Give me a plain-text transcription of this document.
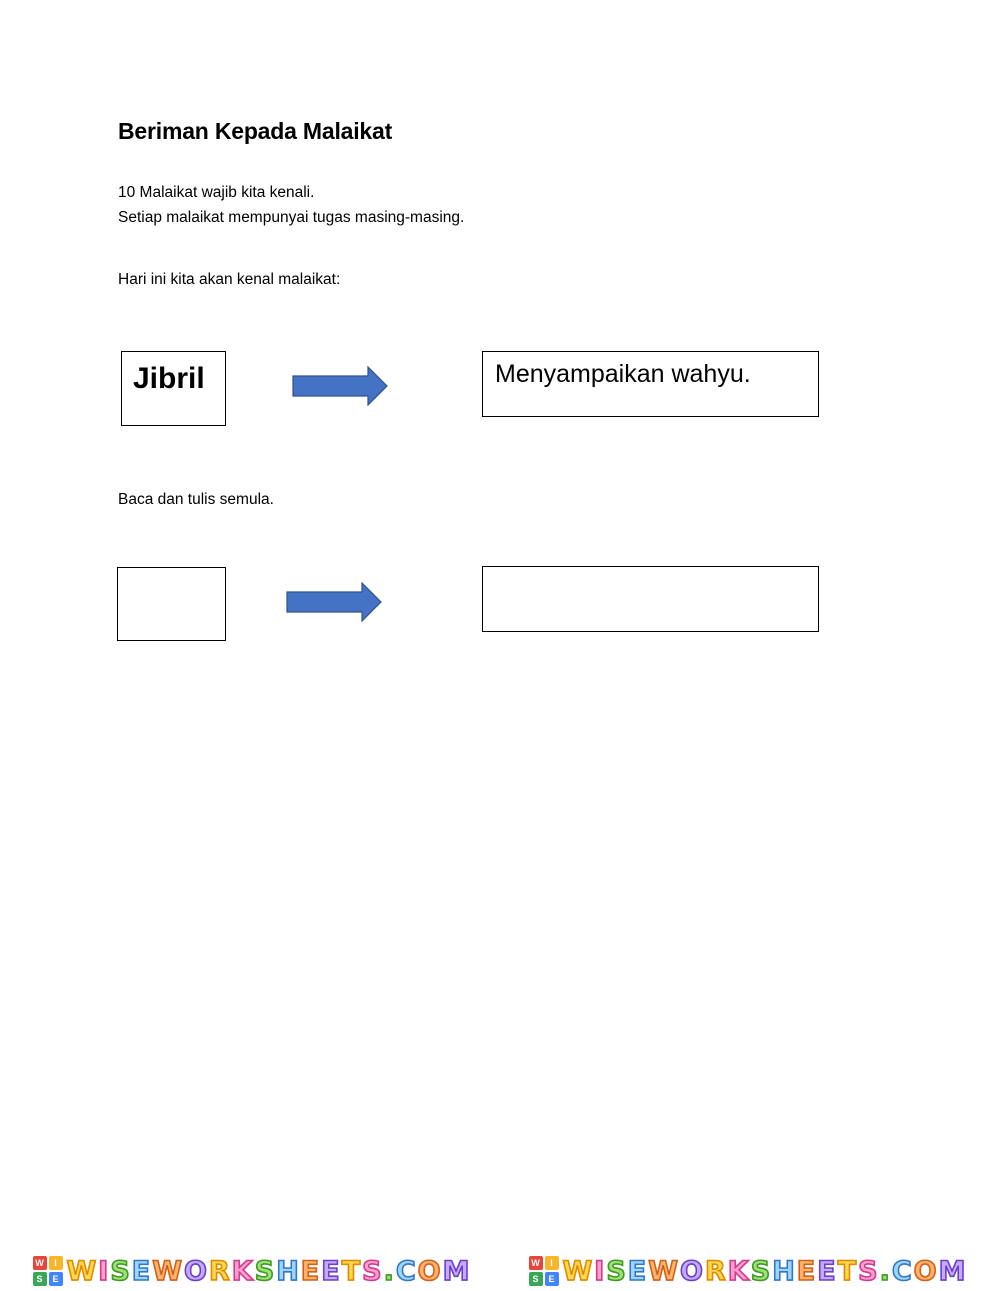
Beriman Kepada Malaikat

10 Malaikat wajib kita kenali.

Setiap malaikat mempunyai tugas masing-masing.

Hari ini kita akan kenal malaikat:

Jibril	Menyampaikan wahyu.

Baca dan tulis semula.

W	I
S	E WISEWORKSHEETS.COM	W	I
S	E WISEWORKSHEETS.COM
